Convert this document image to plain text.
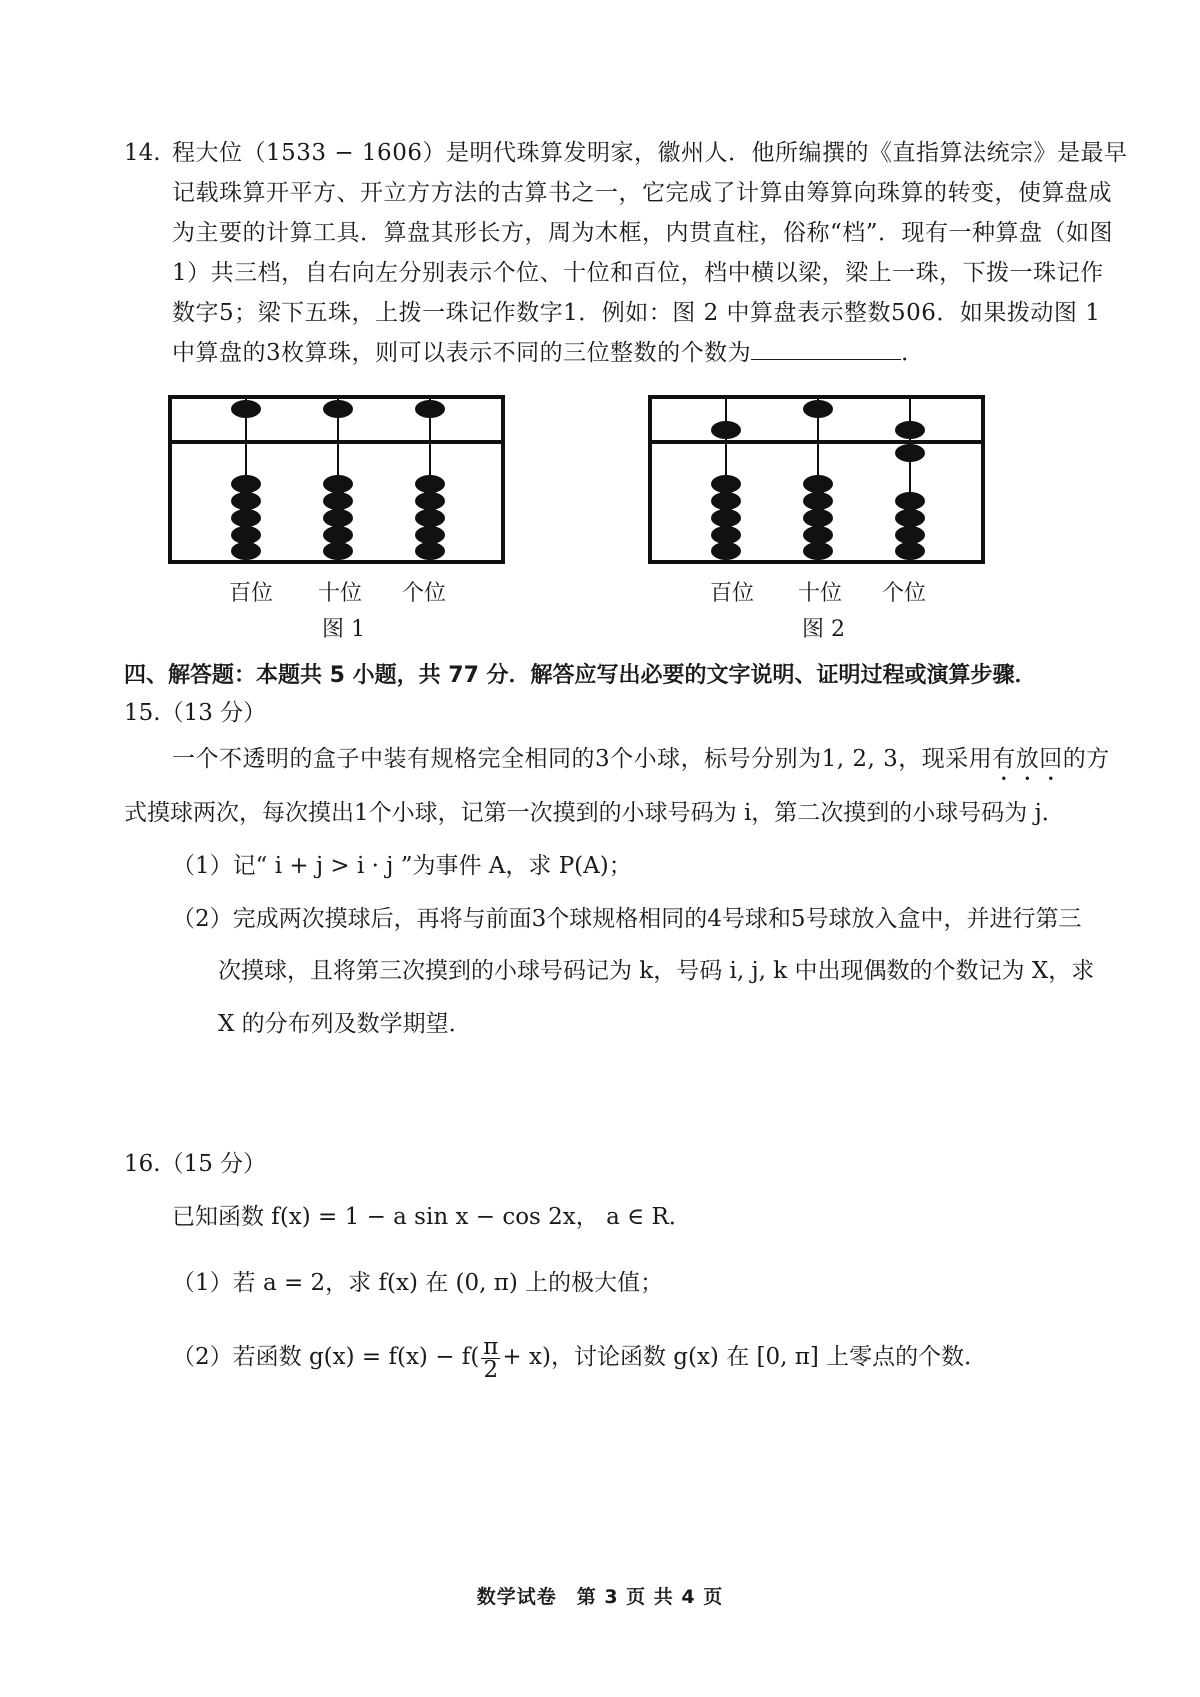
14. 程大位（1533 − 1606）是明代珠算发明家，徽州人．他所编撰的《直指算法统宗》是最早
记载珠算开平方、开立方方法的古算书之一，它完成了计算由筹算向珠算的转变，使算盘成
为主要的计算工具．算盘其形长方，周为木框，内贯直柱，俗称“档”．现有一种算盘（如图
1）共三档，自右向左分别表示个位、十位和百位，档中横以梁，梁上一珠，下拨一珠记作
数字5；梁下五珠，上拨一珠记作数字1．例如：图 2 中算盘表示整数506．如果拨动图 1
中算盘的3枚算珠，则可以表示不同的三位整数的个数为	．
百位 十位 个位
图 1
百位 十位 个位
图 2
四、解答题：本题共 5 小题，共 77 分．解答应写出必要的文字说明、证明过程或演算步骤．
15.（13 分）
一个不透明的盒子中装有规格完全相同的3个小球，标号分别为1, 2, 3，现采用有放回的方
式摸球两次，每次摸出1个小球，记第一次摸到的小球号码为 i，第二次摸到的小球号码为 j．
（1）记“ i + j > i · j ”为事件 A，求 P(A)；
（2）完成两次摸球后，再将与前面3个球规格相同的4号球和5号球放入盒中，并进行第三
次摸球，且将第三次摸到的小球号码记为 k，号码 i, j, k 中出现偶数的个数记为 X，求
X 的分布列及数学期望．
16.（15 分）
已知函数 f(x) = 1 − a sin x − cos 2x， a ∈ R．
（1）若 a = 2，求 f(x) 在 (0, π) 上的极大值；
（2）若函数 $g(x) = f(x) - f( \frac{\pi}{2} + x)$，讨论函数 g(x) 在 [0, π] 上零点的个数．
数学试卷　第 3 页 共 4 页
